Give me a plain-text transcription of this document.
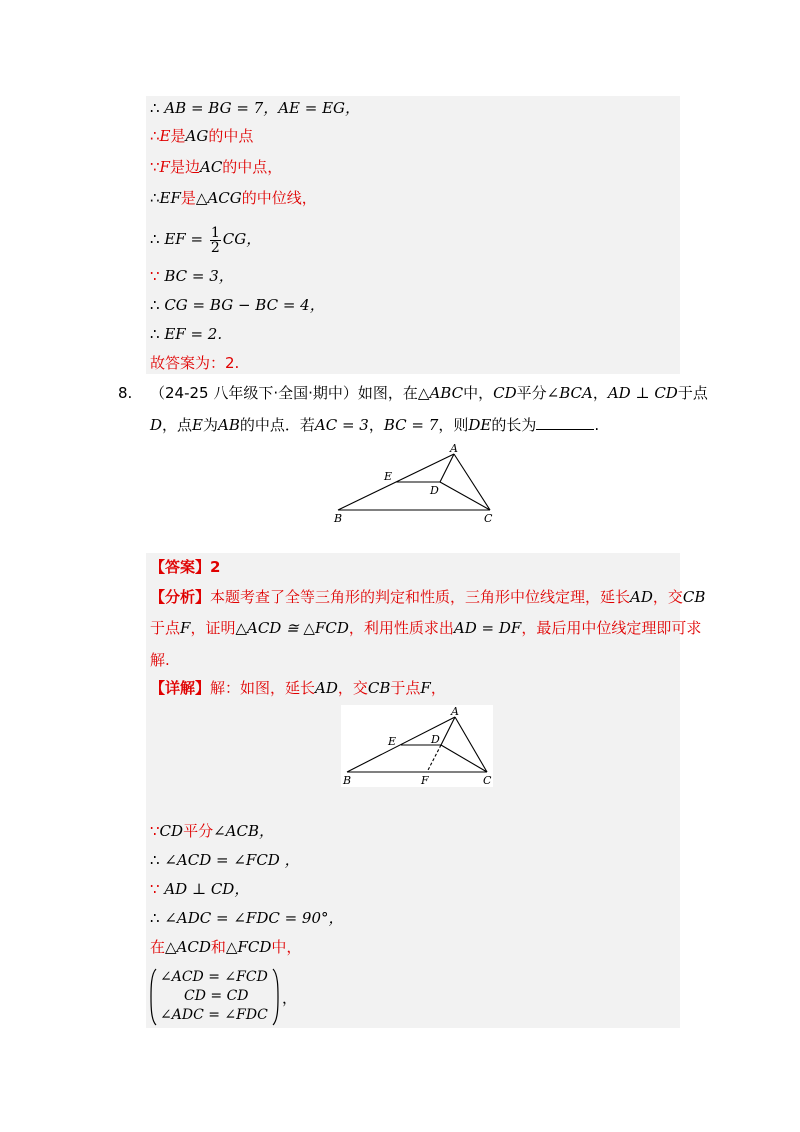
∴ AB = BG = 7，AE = EG，
∴E是AG的中点
∵F是边AC的中点，
∴EF是△ACG的中位线，
∴ EF = $\frac{1}{2}$ CG，
∵ BC = 3，
∴ CG = BG − BC = 4，
∴ EF = 2.
故答案为：2.
8. （24-25 八年级下·全国·期中）如图，在△ABC中，CD平分∠BCA，AD ⊥ CD于点
D，点E为AB的中点．若AC = 3，BC = 7，则DE的长为	.
A
B	C
D
E
【答案】2
【分析】本题考查了全等三角形的判定和性质，三角形中位线定理，延长AD，交CB
于点F，证明△ACD ≅ △FCD，利用性质求出AD = DF，最后用中位线定理即可求
解.
【详解】解：如图，延长AD，交CB于点F，
A
B	C
D
E
F
∵CD平分∠ACB，
∴ ∠ACD = ∠FCD ，
∵ AD ⊥ CD，
∴ ∠ADC = ∠FDC = 90°，
在△ACD和△FCD中，
∠ACD = ∠FCD
CD = CD
∠ADC = ∠FDC
，
